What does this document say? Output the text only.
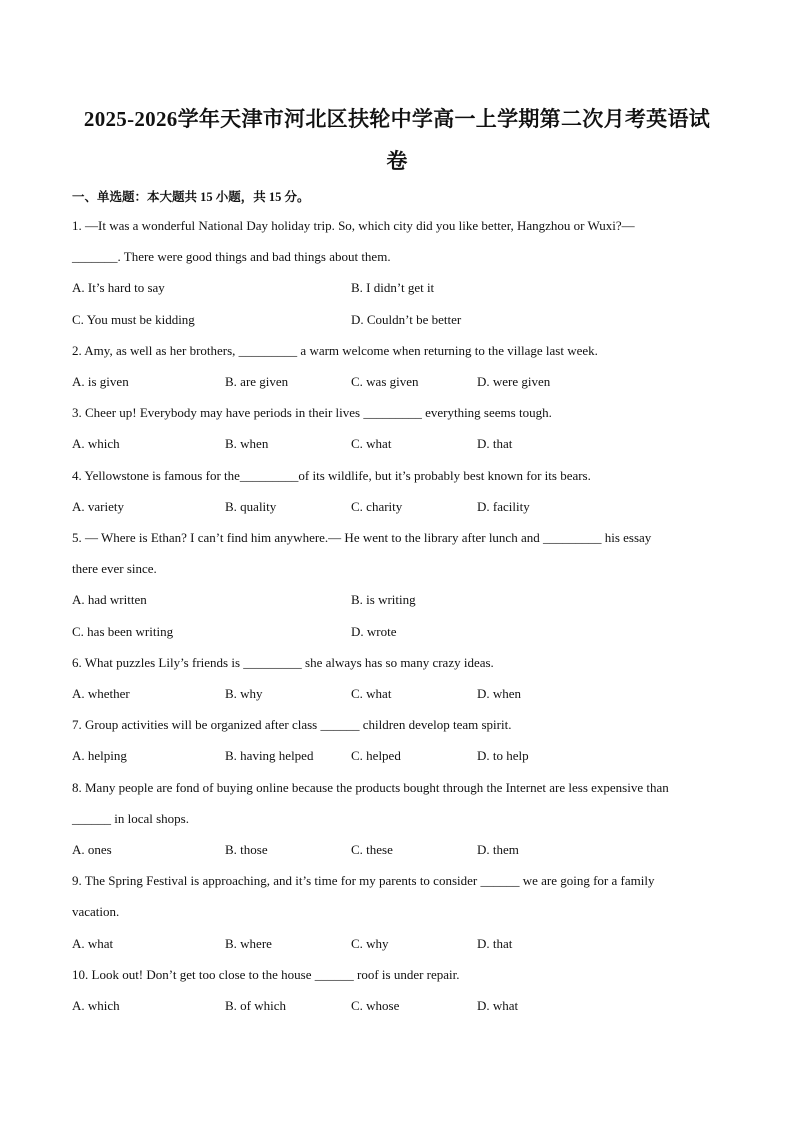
2025-2026学年天津市河北区扶轮中学高一上学期第二次月考英语试
卷
一、单选题：本大题共 15 小题，共 15 分。
1. —It was a wonderful National Day holiday trip. So, which city did you like better, Hangzhou or Wuxi?—
_______. There were good things and bad things about them.
A. It’s hard to say	B. I didn’t get it
C. You must be kidding	D. Couldn’t be better
2. Amy, as well as her brothers, _________ a warm welcome when returning to the village last week.
A. is given	B. are given	C. was given	D. were given
3. Cheer up! Everybody may have periods in their lives _________ everything seems tough.
A. which	B. when	C. what	D. that
4. Yellowstone is famous for the_________of its wildlife, but it’s probably best known for its bears.
A. variety	B. quality	C. charity	D. facility
5. — Where is Ethan? I can’t find him anywhere.— He went to the library after lunch and _________ his essay
there ever since.
A. had written	B. is writing
C. has been writing	D. wrote
6. What puzzles Lily’s friends is _________ she always has so many crazy ideas.
A. whether	B. why	C. what	D. when
7. Group activities will be organized after class ______ children develop team spirit.
A. helping	B. having helped	C. helped	D. to help
8. Many people are fond of buying online because the products bought through the Internet are less expensive than
______ in local shops.
A. ones	B. those	C. these	D. them
9. The Spring Festival is approaching, and it’s time for my parents to consider ______ we are going for a family
vacation.
A. what	B. where	C. why	D. that
10. Look out! Don’t get too close to the house ______ roof is under repair.
A. which	B. of which	C. whose	D. what
